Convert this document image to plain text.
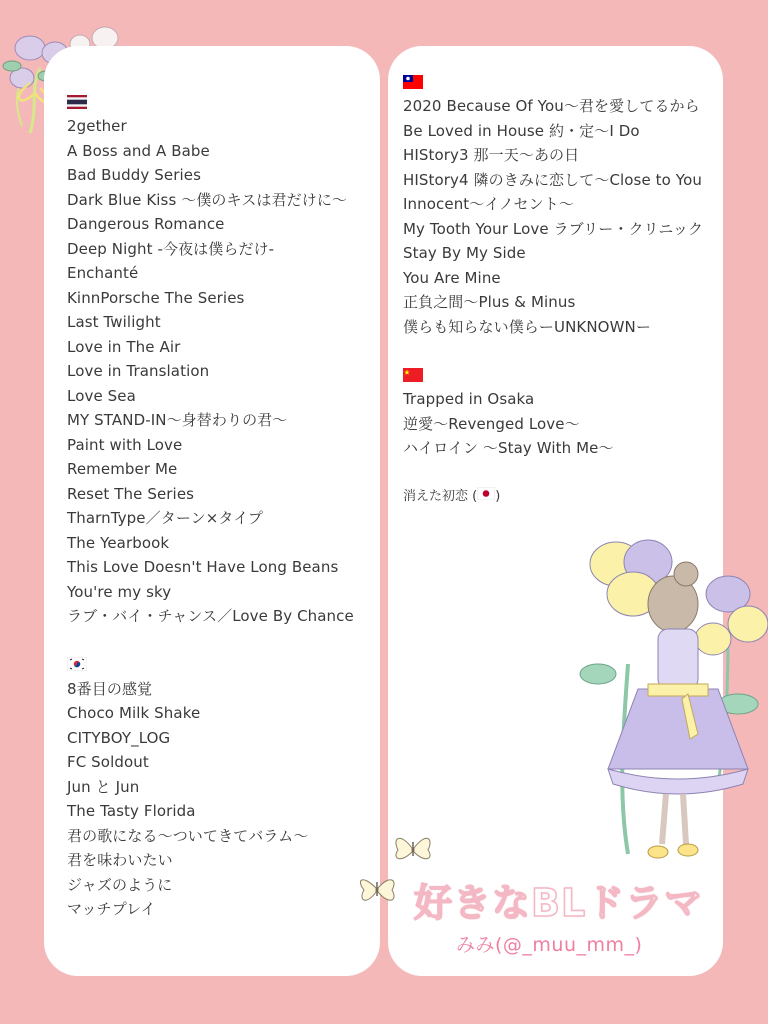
2gether
A Boss and A Babe
Bad Buddy Series
Dark Blue Kiss 〜僕のキスは君だけに〜
Dangerous Romance
Deep Night -今夜は僕らだけ-
Enchanté
KinnPorsche The Series
Last Twilight
Love in The Air
Love in Translation
Love Sea
MY STAND-IN〜身替わりの君〜
Paint with Love
Remember Me
Reset The Series
TharnType／ターン×タイプ
The Yearbook
This Love Doesn't Have Long Beans
You're my sky
ラブ・バイ・チャンス／Love By Chance
8番目の感覚
Choco Milk Shake
CITYBOY_LOG
FC Soldout
Jun と Jun
The Tasty Florida
君の歌になる〜ついてきてバラム〜
君を味わいたい
ジャズのように
マッチプレイ
2020 Because Of You〜君を愛してるから
Be Loved in House 約・定〜I Do
HIStory3 那一天〜あの日
HIStory4 隣のきみに恋して〜Close to You
Innocent〜イノセント〜
My Tooth Your Love ラブリー・クリニック
Stay By My Side
You Are Mine
正負之間〜Plus & Minus
僕らも知らない僕らーUNKNOWNー
Trapped in Osaka
逆愛〜Revenged Love〜
ハイロイン 〜Stay With Me〜
消えた初恋 ( )
好きなBLドラマ
みみ(@_muu_mm_)
